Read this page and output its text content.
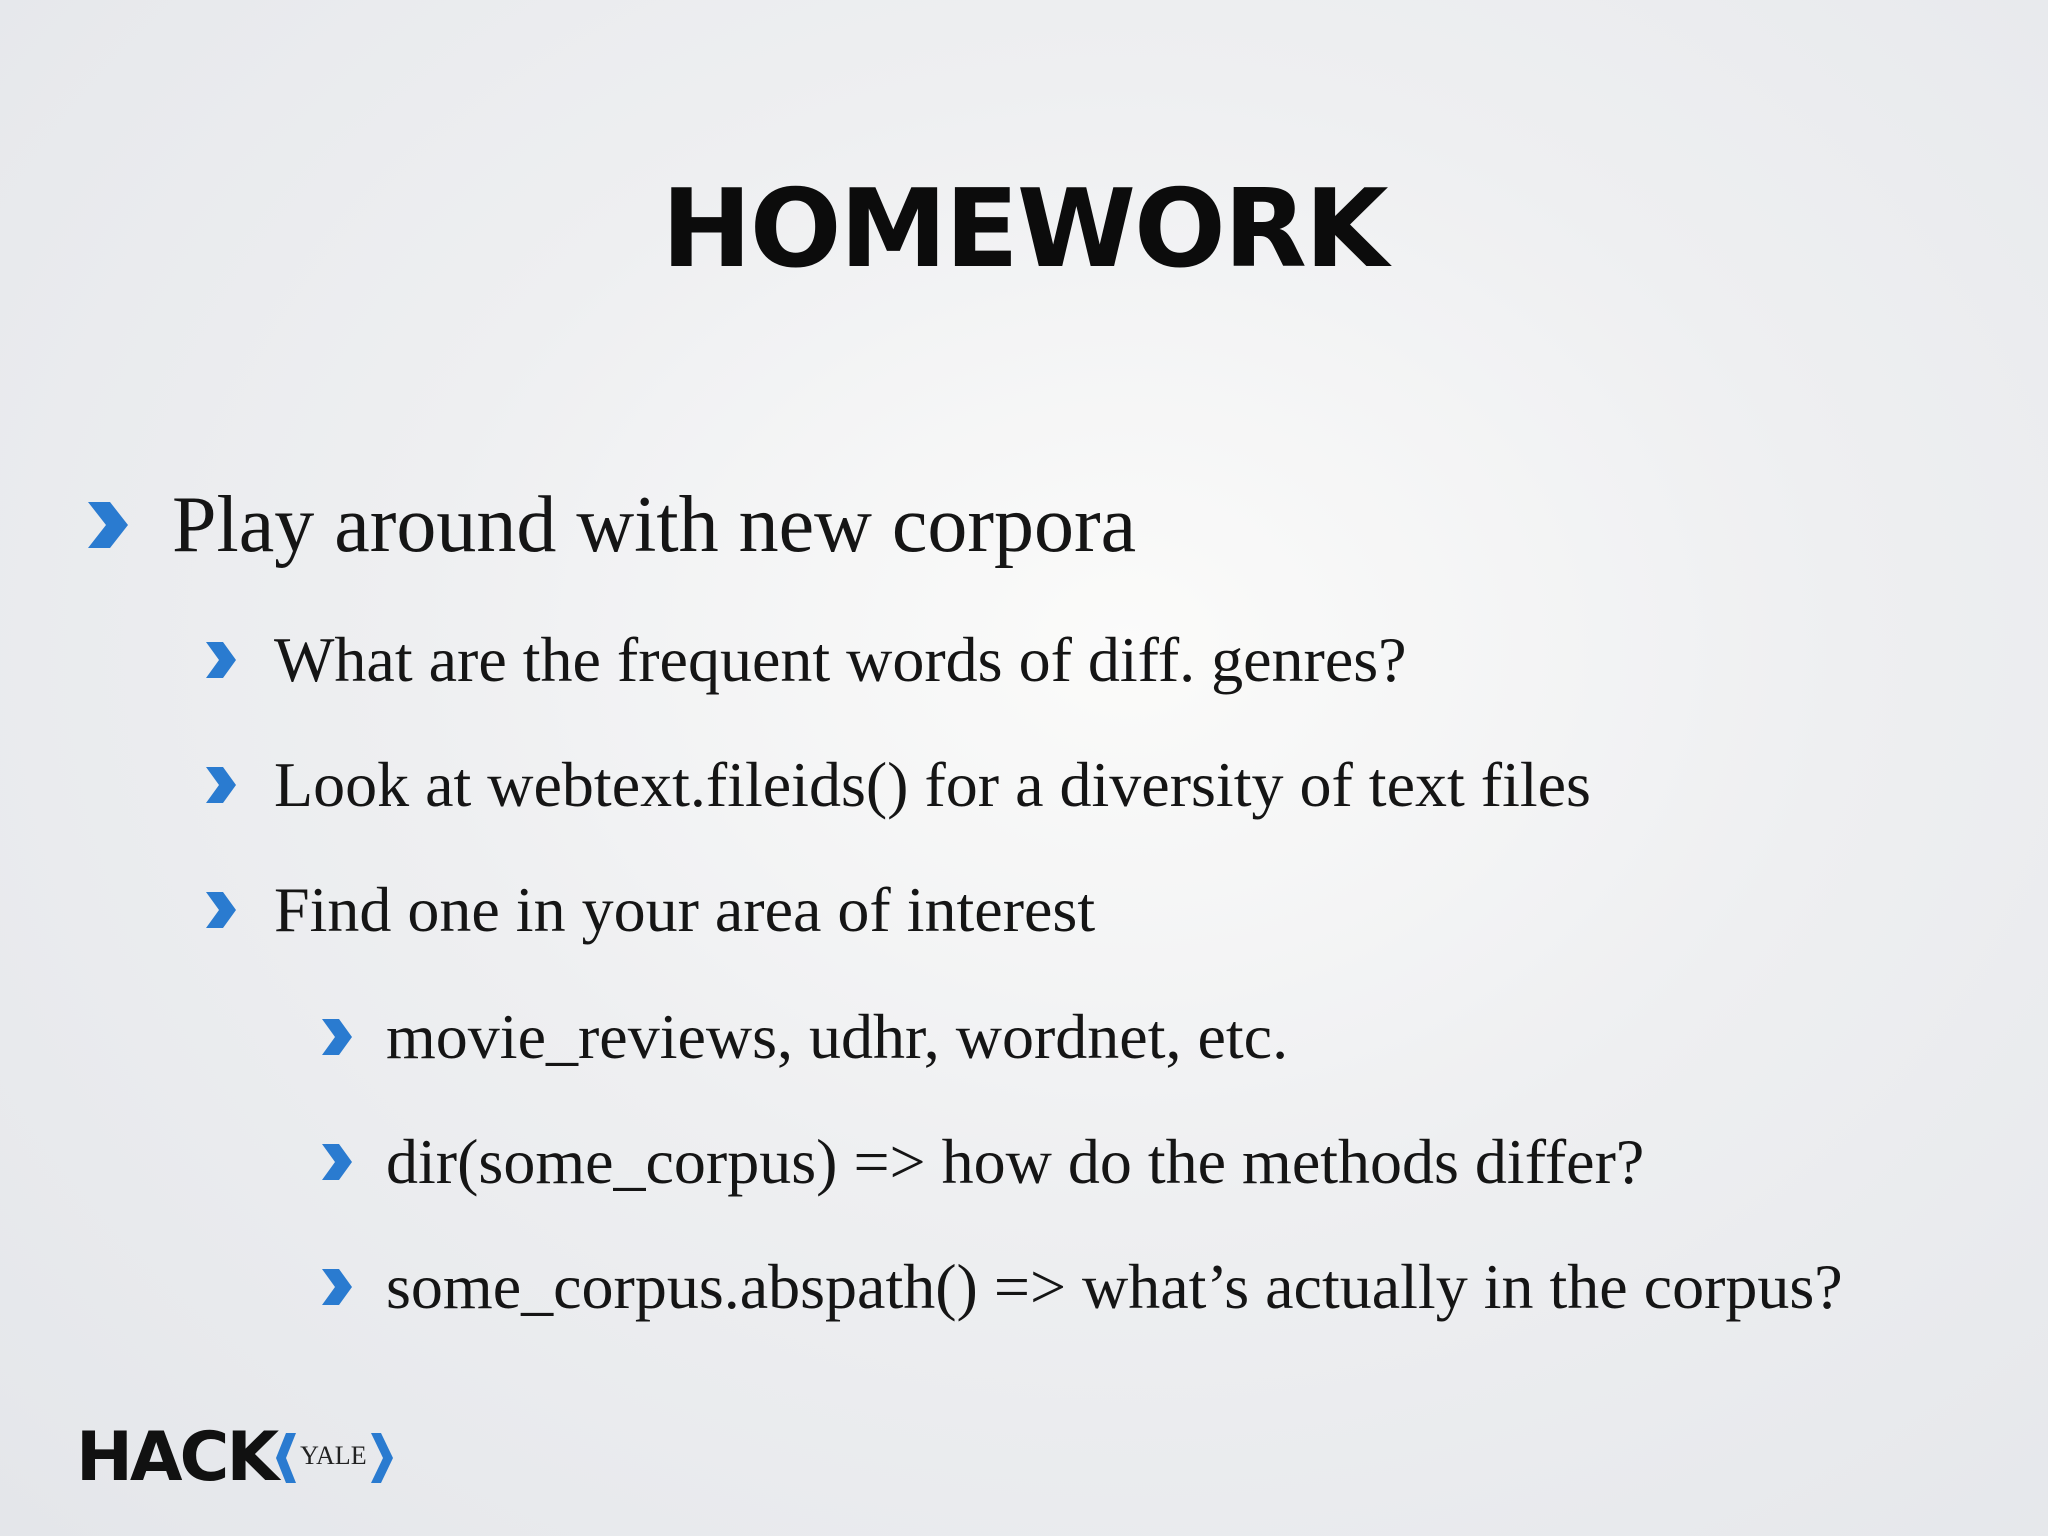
HOMEWORK
Play around with new corpora
What are the frequent words of diff. genres?
Look at webtext.fileids() for a diversity of text files
Find one in your area of interest
movie_reviews, udhr, wordnet, etc.
dir(some_corpus) => how do the methods differ?
some_corpus.abspath() => what’s actually in the corpus?
HACK YALE
